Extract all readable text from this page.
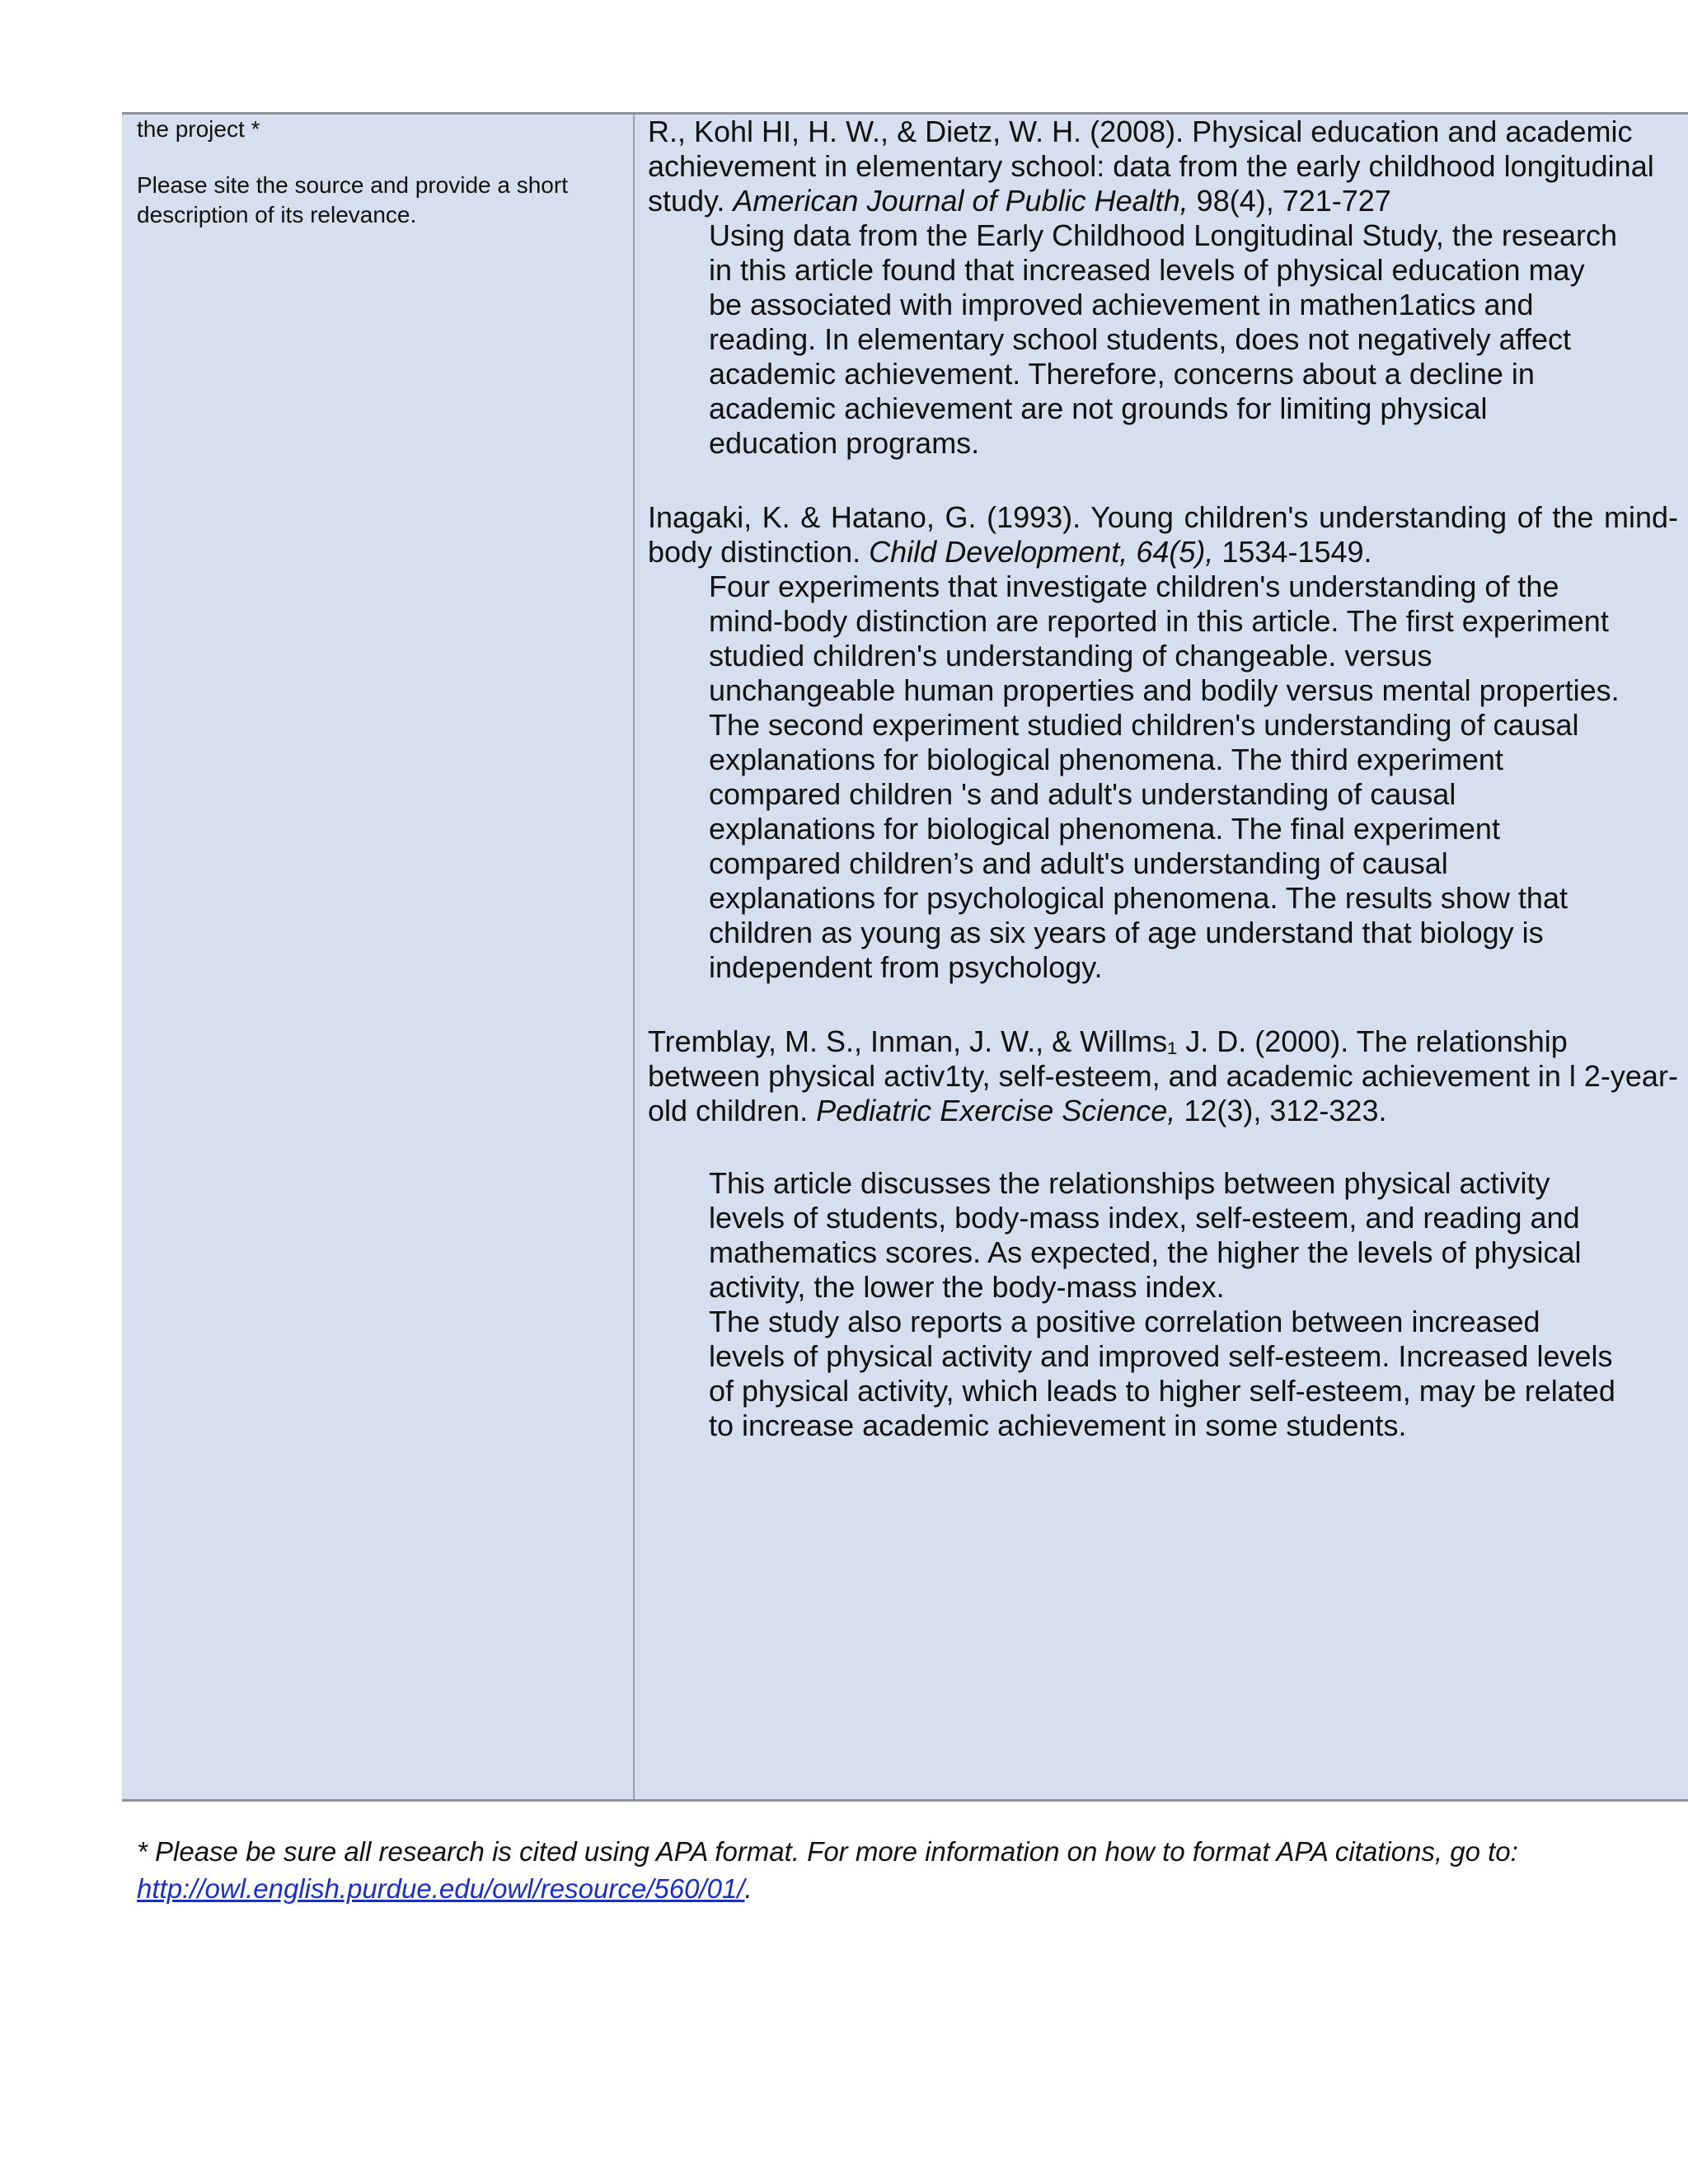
the project *

Please site the source and provide a short description of its relevance.

R., Kohl HI, H. W., & Dietz, W. H. (2008). Physical education and academic achievement in elementary school: data from the early childhood longitudinal study. American Journal of Public Health, 98(4), 721-727

Using data from the Early Childhood Longitudinal Study, the research in this article found that increased levels of physical education may be associated with improved achievement in mathen1atics and reading. In elementary school students, does not negatively affect academic achievement. Therefore, concerns about a decline in academic achievement are not grounds for limiting physical education programs.

Inagaki, K. & Hatano, G. (1993). Young children's understanding of the mind-body distinction. Child Development, 64(5), 1534-1549.

Four experiments that investigate children's understanding of the mind-body distinction are reported in this article. The first experiment studied children's understanding of changeable. versus unchangeable human properties and bodily versus mental properties. The second experiment studied children's understanding of causal explanations for biological phenomena. The third experiment compared children 's and adult's understanding of causal explanations for biological phenomena. The final experiment compared children’s and adult's understanding of causal explanations for psychological phenomena. The results show that children as young as six years of age understand that biology is independent from psychology.

Tremblay, M. S., Inman, J. W., & Willms₁ J. D. (2000). The relationship between physical activ1ty, self-esteem, and academic achievement in l 2-year-old children. Pediatric Exercise Science, 12(3), 312-323.

This article discusses the relationships between physical activity levels of students, body-mass index, self-esteem, and reading and mathematics scores. As expected, the higher the levels of physical activity, the lower the body-mass index.

The study also reports a positive correlation between increased levels of physical activity and improved self-esteem. Increased levels of physical activity, which leads to higher self-esteem, may be related to increase academic achievement in some students.

* Please be sure all research is cited using APA format. For more information on how to format APA citations, go to: http://owl.english.purdue.edu/owl/resource/560/01/.
